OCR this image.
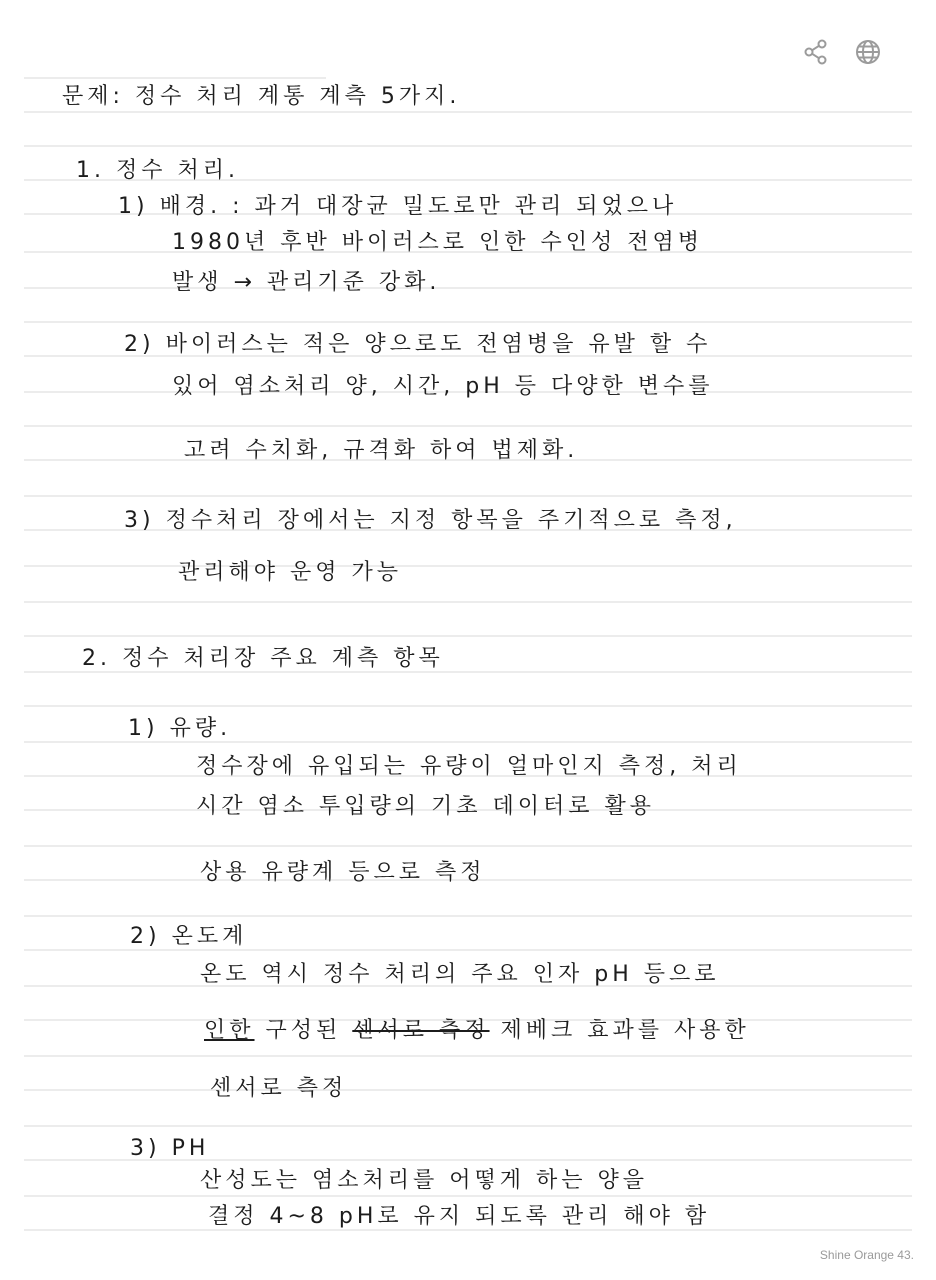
문제: 정수 처리 계통 계측 5가지.
1. 정수 처리.
1) 배경. : 과거 대장균 밀도로만 관리 되었으나
1980년 후반 바이러스로 인한 수인성 전염병
발생 → 관리기준 강화.
2) 바이러스는 적은 양으로도 전염병을 유발 할 수
있어 염소처리 양, 시간, pH 등 다양한 변수를
고려 수치화, 규격화 하여 법제화.
3) 정수처리 장에서는 지정 항목을 주기적으로 측정,
관리해야 운영 가능
2. 정수 처리장 주요 계측 항목
1) 유량.
정수장에 유입되는 유량이 얼마인지 측정, 처리
시간 염소 투입량의 기초 데이터로 활용
상용 유량계 등으로 측정
2) 온도계
온도 역시 정수 처리의 주요 인자 pH 등으로
인한 구성된 센서로 측정 제베크 효과를 사용한
센서로 측정
3) PH
산성도는 염소처리를 어떻게 하는 양을
결정 4~8 pH로 유지 되도록 관리 해야 함
Shine Orange 43.
